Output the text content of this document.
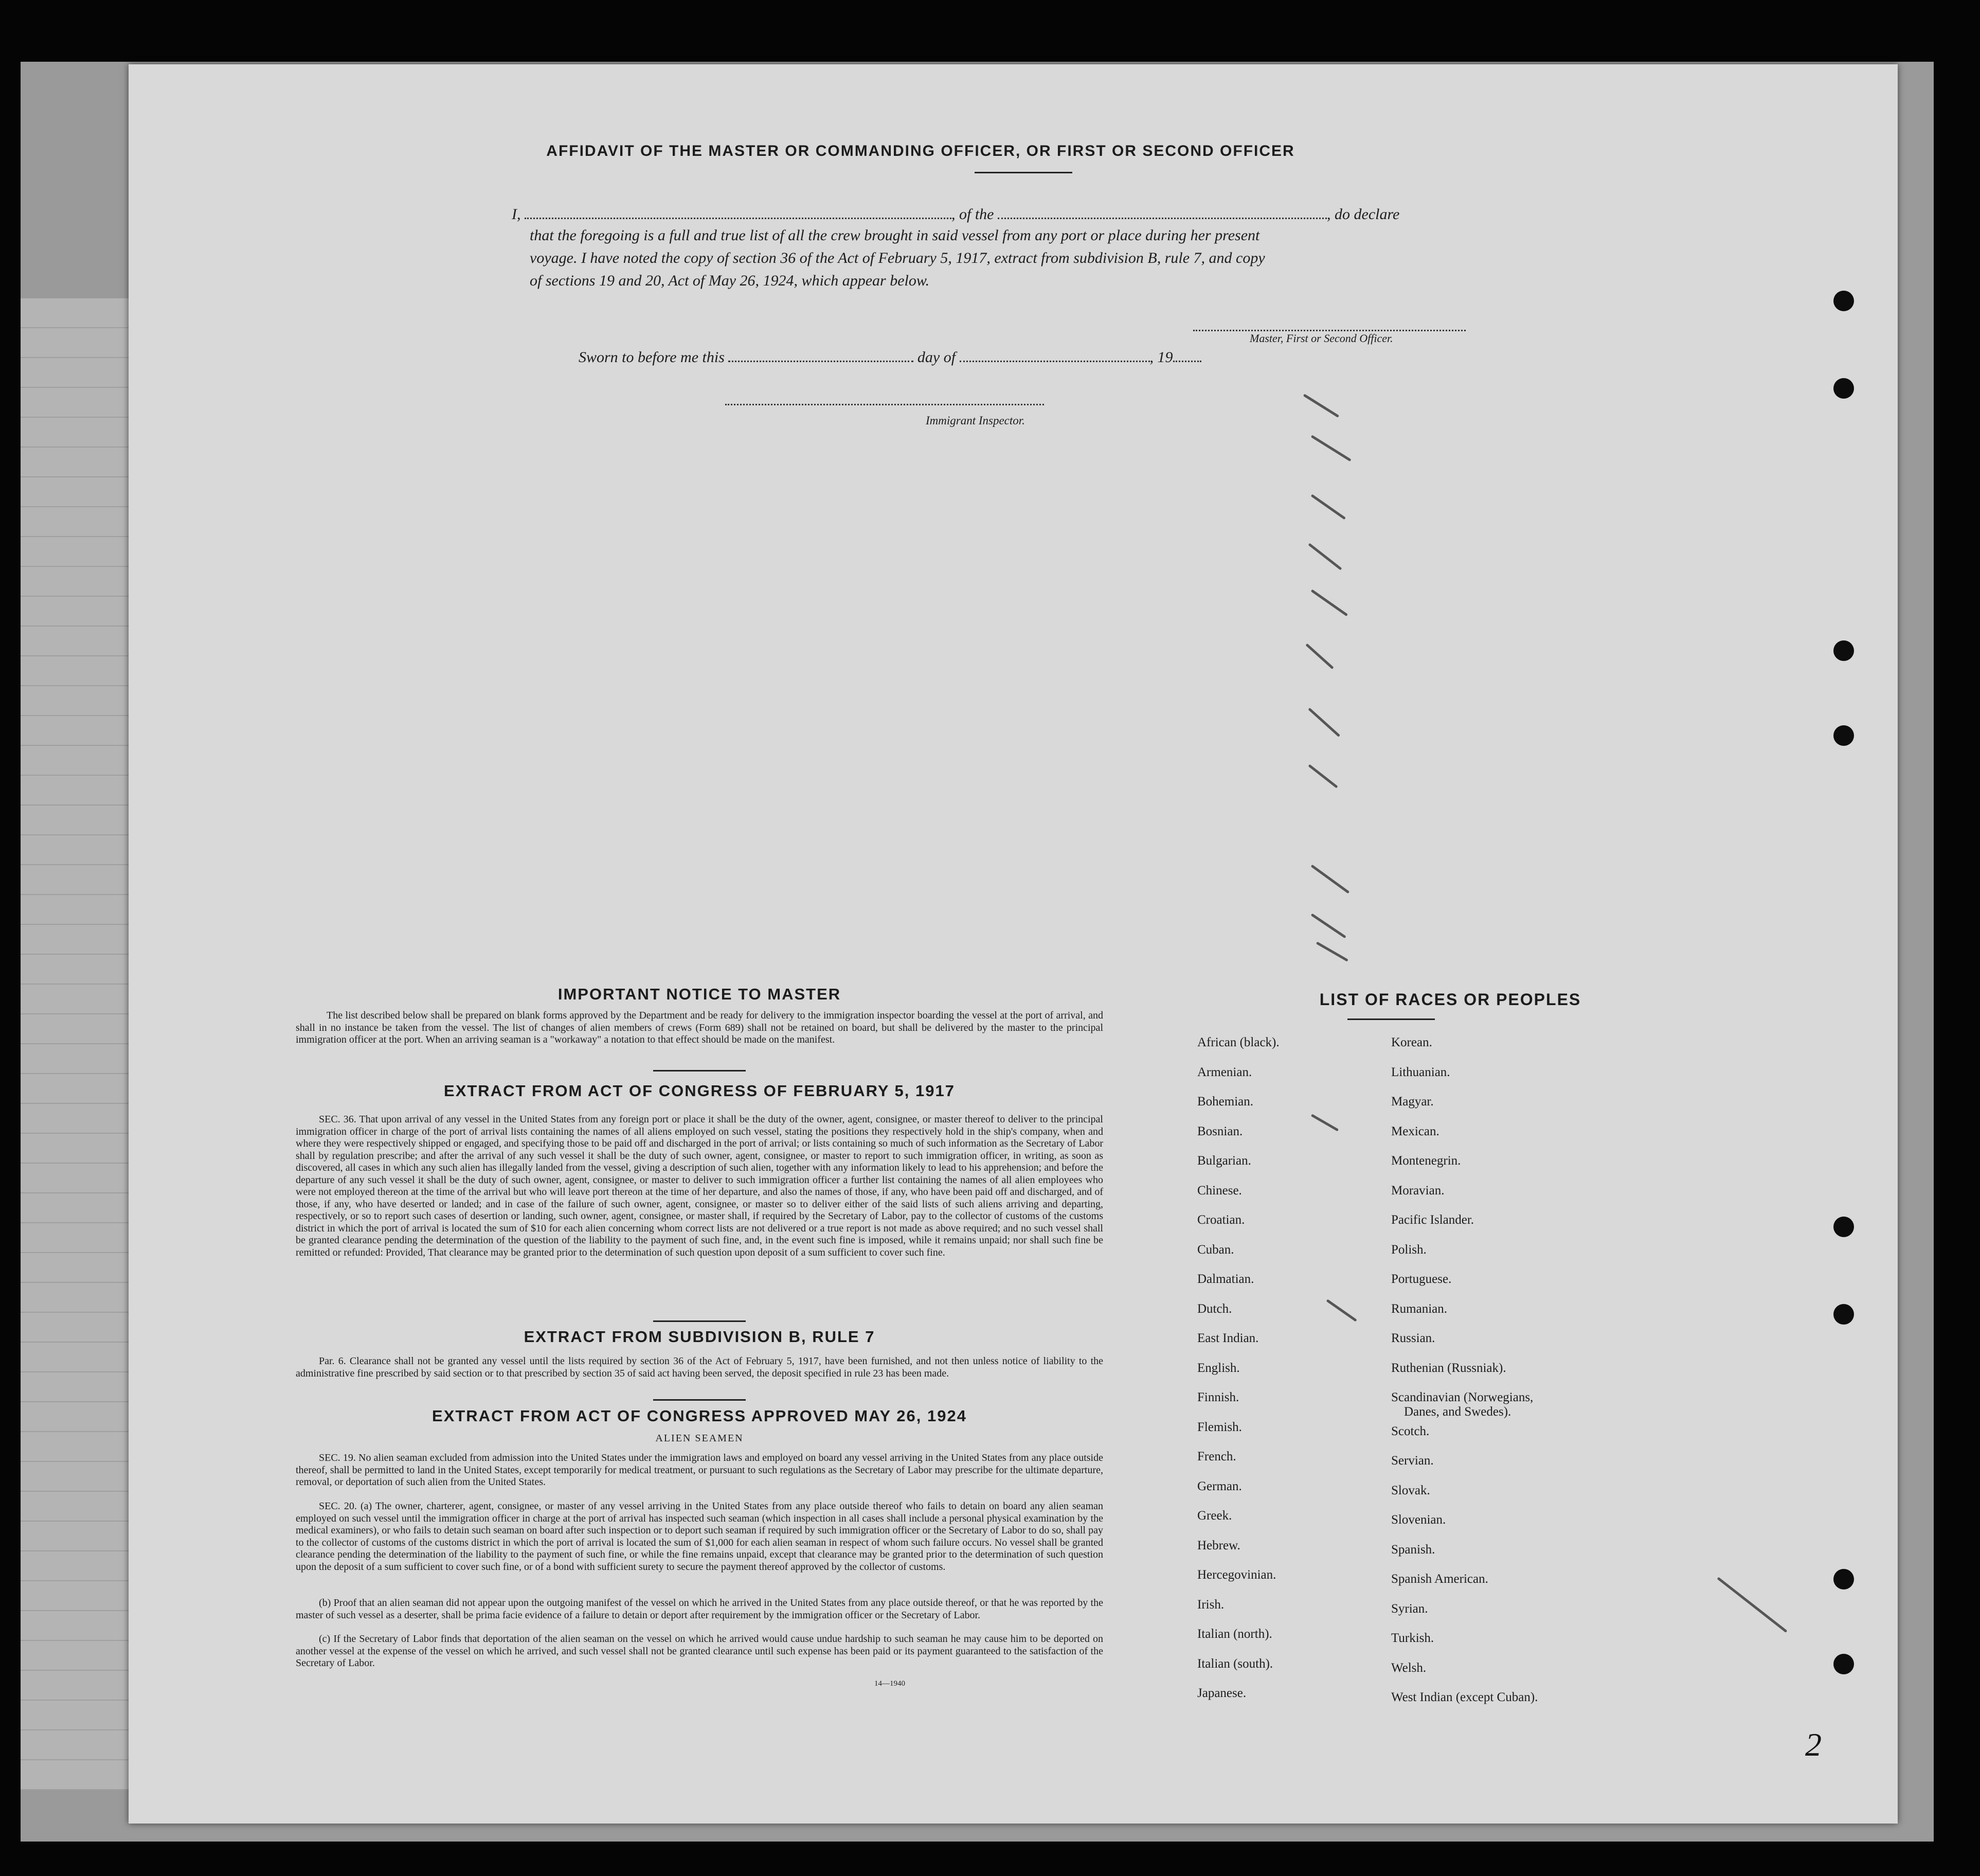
AFFIDAVIT OF THE MASTER OR COMMANDING OFFICER, OR FIRST OR SECOND OFFICER
I,	, of the	, do declare
that the foregoing is a full and true list of all the crew brought in said vessel from any port or place during her present
voyage. I have noted the copy of section 36 of the Act of February 5, 1917, extract from subdivision B, rule 7, and copy
of sections 19 and 20, Act of May 26, 1924, which appear below.
Master, First or Second Officer.
Sworn to before me this	day of	, 19
Immigrant Inspector.
IMPORTANT NOTICE TO MASTER

The list described below shall be prepared on blank forms approved by the Department and be ready for delivery to the immigration inspector boarding the vessel at the port of arrival, and shall in no instance be taken from the vessel. The list of changes of alien members of crews (Form 689) shall not be retained on board, but shall be delivered by the master to the principal immigration officer at the port. When an arriving seaman is a "workaway" a notation to that effect should be made on the manifest.

EXTRACT FROM ACT OF CONGRESS OF FEBRUARY 5, 1917

SEC. 36. That upon arrival of any vessel in the United States from any foreign port or place it shall be the duty of the owner, agent, consignee, or master thereof to deliver to the principal immigration officer in charge of the port of arrival lists containing the names of all aliens employed on such vessel, stating the positions they respectively hold in the ship's company, when and where they were respectively shipped or engaged, and specifying those to be paid off and discharged in the port of arrival; or lists containing so much of such information as the Secretary of Labor shall by regulation prescribe; and after the arrival of any such vessel it shall be the duty of such owner, agent, consignee, or master to report to such immigration officer, in writing, as soon as discovered, all cases in which any such alien has illegally landed from the vessel, giving a description of such alien, together with any information likely to lead to his apprehension; and before the departure of any such vessel it shall be the duty of such owner, agent, consignee, or master to deliver to such immigration officer a further list containing the names of all alien employees who were not employed thereon at the time of the arrival but who will leave port thereon at the time of her departure, and also the names of those, if any, who have been paid off and discharged, and of those, if any, who have deserted or landed; and in case of the failure of such owner, agent, consignee, or master so to deliver either of the said lists of such aliens arriving and departing, respectively, or so to report such cases of desertion or landing, such owner, agent, consignee, or master shall, if required by the Secretary of Labor, pay to the collector of customs of the customs district in which the port of arrival is located the sum of $10 for each alien concerning whom correct lists are not delivered or a true report is not made as above required; and no such vessel shall be granted clearance pending the determination of the question of the liability to the payment of such fine, and, in the event such fine is imposed, while it remains unpaid; nor shall such fine be remitted or refunded: Provided, That clearance may be granted prior to the determination of such question upon deposit of a sum sufficient to cover such fine.

EXTRACT FROM SUBDIVISION B, RULE 7

Par. 6. Clearance shall not be granted any vessel until the lists required by section 36 of the Act of February 5, 1917, have been furnished, and not then unless notice of liability to the administrative fine prescribed by said section or to that prescribed by section 35 of said act having been served, the deposit specified in rule 23 has been made.

EXTRACT FROM ACT OF CONGRESS APPROVED MAY 26, 1924
ALIEN SEAMEN

SEC. 19. No alien seaman excluded from admission into the United States under the immigration laws and employed on board any vessel arriving in the United States from any place outside thereof, shall be permitted to land in the United States, except temporarily for medical treatment, or pursuant to such regulations as the Secretary of Labor may prescribe for the ultimate departure, removal, or deportation of such alien from the United States.

SEC. 20. (a) The owner, charterer, agent, consignee, or master of any vessel arriving in the United States from any place outside thereof who fails to detain on board any alien seaman employed on such vessel until the immigration officer in charge at the port of arrival has inspected such seaman (which inspection in all cases shall include a personal physical examination by the medical examiners), or who fails to detain such seaman on board after such inspection or to deport such seaman if required by such immigration officer or the Secretary of Labor to do so, shall pay to the collector of customs of the customs district in which the port of arrival is located the sum of $1,000 for each alien seaman in respect of whom such failure occurs. No vessel shall be granted clearance pending the determination of the liability to the payment of such fine, or while the fine remains unpaid, except that clearance may be granted prior to the determination of such question upon the deposit of a sum sufficient to cover such fine, or of a bond with sufficient surety to secure the payment thereof approved by the collector of customs.

(b) Proof that an alien seaman did not appear upon the outgoing manifest of the vessel on which he arrived in the United States from any place outside thereof, or that he was reported by the master of such vessel as a deserter, shall be prima facie evidence of a failure to detain or deport after requirement by the immigration officer or the Secretary of Labor.

(c) If the Secretary of Labor finds that deportation of the alien seaman on the vessel on which he arrived would cause undue hardship to such seaman he may cause him to be deported on another vessel at the expense of the vessel on which he arrived, and such vessel shall not be granted clearance until such expense has been paid or its payment guaranteed to the satisfaction of the Secretary of Labor.

14—1940
LIST OF RACES OR PEOPLES
African (black).
Armenian.
Bohemian.
Bosnian.
Bulgarian.
Chinese.
Croatian.
Cuban.
Dalmatian.
Dutch.
East Indian.
English.
Finnish.
Flemish.
French.
German.
Greek.
Hebrew.
Hercegovinian.
Irish.
Italian (north).
Italian (south).
Japanese.
Korean.
Lithuanian.
Magyar.
Mexican.
Montenegrin.
Moravian.
Pacific Islander.
Polish.
Portuguese.
Rumanian.
Russian.
Ruthenian (Russniak).
Scandinavian (Norwegians,
Danes, and Swedes).
Scotch.
Servian.
Slovak.
Slovenian.
Spanish.
Spanish American.
Syrian.
Turkish.
Welsh.
West Indian (except Cuban).
2
